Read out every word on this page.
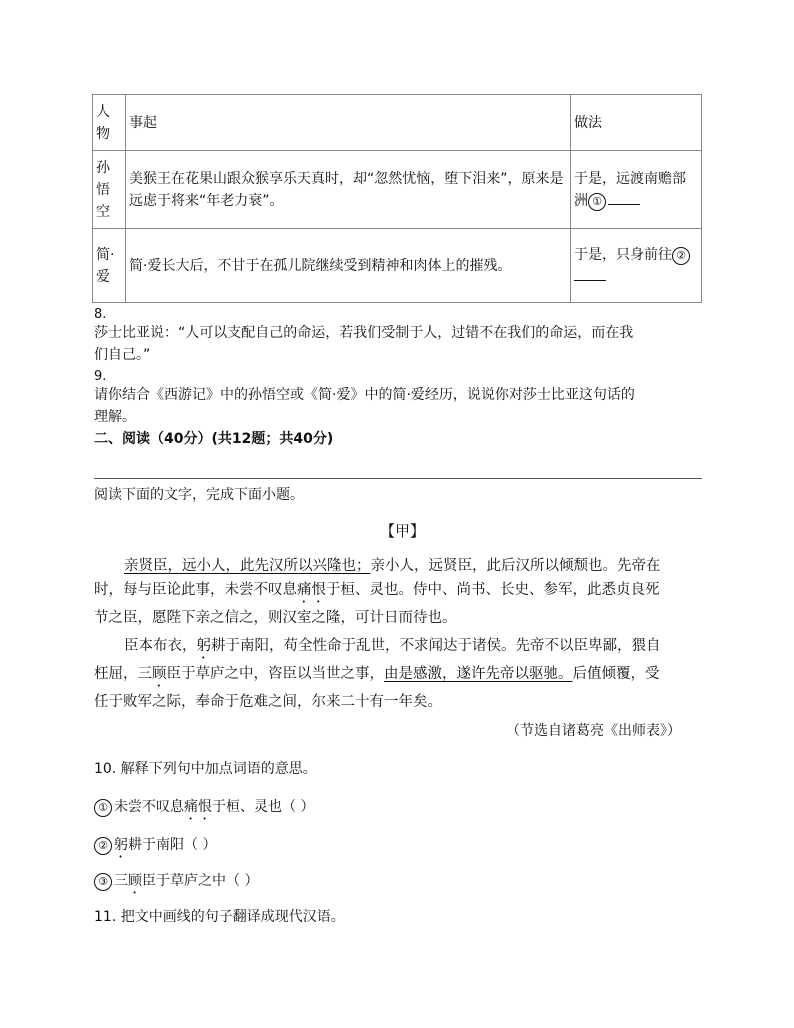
人物	事起	做法
孙悟空	美猴王在花果山跟众猴享乐天真时，却“忽然忧恼，堕下泪来”，原来是远虑于将来“年老力衰”。	于是，远渡南赡部洲 ①
简·爱	简·爱长大后，不甘于在孤儿院继续受到精神和肉体上的摧残。	于是，只身前往 ②
8.
莎士比亚说：“人可以支配自己的命运，若我们受制于人，过错不在我们的命运，而在我
们自己。”
9.
请你结合《西游记》中的孙悟空或《简·爱》中的简·爱经历，说说你对莎士比亚这句话的
理解。
二、阅读（40分）(共12题；共40分)
阅读下面的文字，完成下面小题。
【甲】
亲贤臣，远小人，此先汉所以兴隆也；亲小人，远贤臣，此后汉所以倾颓也。先帝在
时，每与臣论此事，未尝不叹息痛恨于桓、灵也。侍中、尚书、长史、参军，此悉贞良死
节之臣，愿陛下亲之信之，则汉室之隆，可计日而待也。
臣本布衣，躬耕于南阳，苟全性命于乱世，不求闻达于诸侯。先帝不以臣卑鄙，猥自
枉屈，三顾臣于草庐之中，咨臣以当世之事，由是感激，遂许先帝以驱驰。后值倾覆，受
任于败军之际，奉命于危难之间，尔来二十有一年矣。
（节选自诸葛亮《出师表》）
10. 解释下列句中加点词语的意思。
① 未尝不叹息痛恨于桓、灵也（ ）
② 躬耕于南阳（ ）
③ 三顾臣于草庐之中（ ）
11. 把文中画线的句子翻译成现代汉语。
